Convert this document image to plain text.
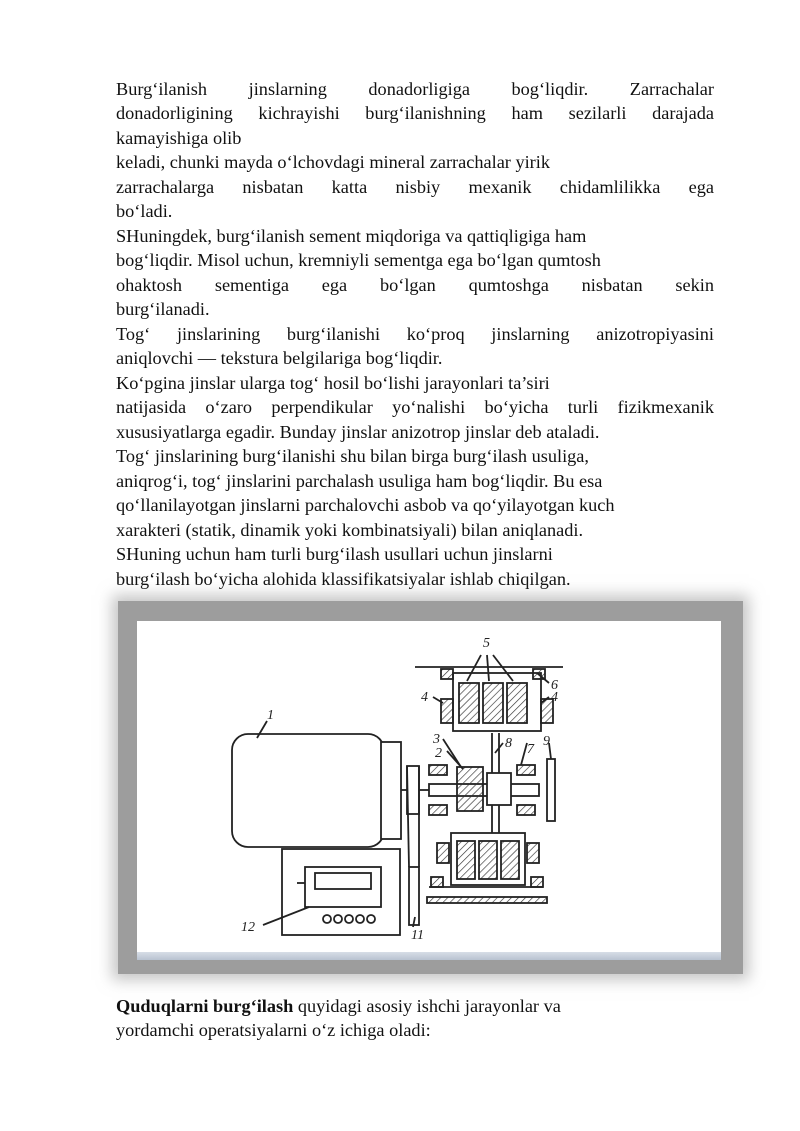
Burg‘ilanish jinslarning donadorligiga bog‘liqdir. Zarrachalar
donadorligining kichrayishi burg‘ilanishning ham sezilarli darajada
kamayishiga olib
keladi, chunki mayda o‘lchovdagi mineral zarrachalar yirik
zarrachalarga nisbatan katta nisbiy mexanik chidamlilikka ega
bo‘ladi.
SHuningdek, burg‘ilanish sement miqdoriga va qattiqligiga ham
bog‘liqdir. Misol uchun, kremniyli sementga ega bo‘lgan qumtosh
ohaktosh sementiga ega bo‘lgan qumtoshga nisbatan sekin
burg‘ilanadi.
Tog‘ jinslarining burg‘ilanishi ko‘proq jinslarning anizotropiyasini
aniqlovchi — tekstura belgilariga bog‘liqdir.
Ko‘pgina jinslar ularga tog‘ hosil bo‘lishi jarayonlari ta’siri
natijasida o‘zaro perpendikular yo‘nalishi bo‘yicha turli fizikmexanik
xususiyatlarga egadir. Bunday jinslar anizotrop jinslar deb ataladi.
Tog‘ jinslarining burg‘ilanishi shu bilan birga burg‘ilash usuliga,
aniqrog‘i, tog‘ jinslarini parchalash usuliga ham bog‘liqdir. Bu esa
qo‘llanilayotgan jinslarni parchalovchi asbob va qo‘yilayotgan kuch
xarakteri (statik, dinamik yoki kombinatsiyali) bilan aniqlanadi.
SHuning uchun ham turli burg‘ilash usullari uchun jinslarni
burg‘ilash bo‘yicha alohida klassifikatsiyalar ishlab chiqilgan.
1
2
3
4	4
5
6
7
8 9
11
12
Quduqlarni burg‘ilash quyidagi asosiy ishchi jarayonlar va
yordamchi operatsiyalarni o‘z ichiga oladi:
